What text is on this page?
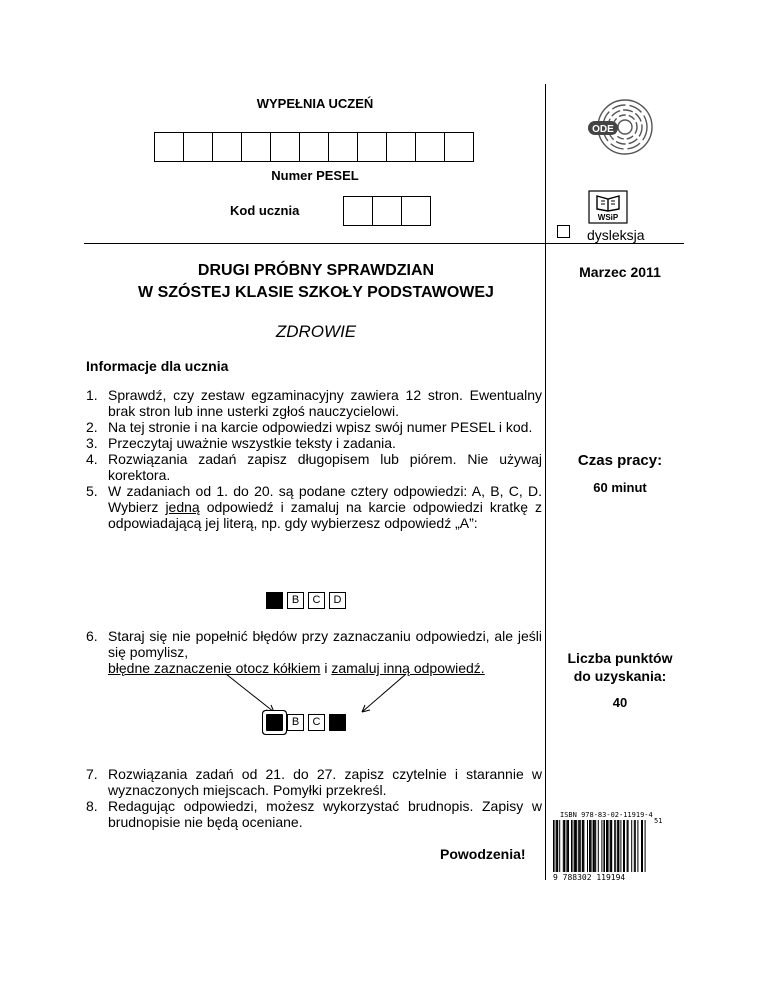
WYPEŁNIA UCZEŃ
Numer PESEL
Kod ucznia
dysleksja
ODE
WSiP
DRUGI PRÓBNY SPRAWDZIAN
W SZÓSTEJ KLASIE SZKOŁY PODSTAWOWEJ
ZDROWIE
Marzec 2011
Czas pracy:
60 minut
Liczba punktów
do uzyskania:
40
Informacje dla ucznia
1. Sprawdź, czy zestaw egzaminacyjny zawiera 12 stron. Ewentualny brak stron lub inne usterki zgłoś nauczycielowi.
2. Na tej stronie i na karcie odpowiedzi wpisz swój numer PESEL i kod.
3. Przeczytaj uważnie wszystkie teksty i zadania.
4. Rozwiązania zadań zapisz długopisem lub piórem. Nie używaj korektora.
5. W zadaniach od 1. do 20. są podane cztery odpowiedzi: A, B, C, D. Wybierz jedną odpowiedź i zamaluj na karcie odpowiedzi kratkę z odpowiadającą jej literą, np. gdy wybierzesz odpowiedź „A”:
B	C	D
6. Staraj się nie popełnić błędów przy zaznaczaniu odpowiedzi, ale jeśli się pomylisz,
błędne zaznaczenie otocz kółkiem i zamaluj inną odpowiedź.
B	C
7. Rozwiązania zadań od 21. do 27. zapisz czytelnie i starannie w wyznaczonych miejscach. Pomyłki przekreśl.
8. Redagując odpowiedzi, możesz wykorzystać brudnopis. Zapisy w brudnopisie nie będą oceniane.
Powodzenia!
ISBN 978-83-02-11919-4
51
9 788302 119194
